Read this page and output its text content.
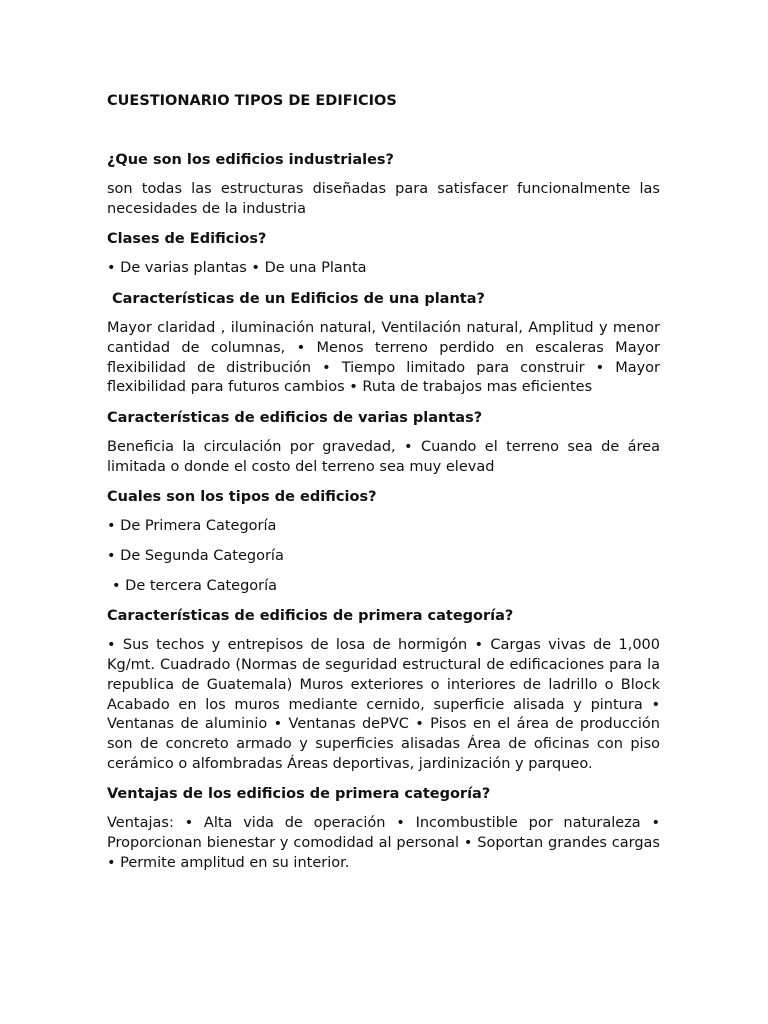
CUESTIONARIO TIPOS DE EDIFICIOS
¿Que son los edificios industriales?
son todas las estructuras diseñadas para satisfacer funcionalmente las necesidades de la industria
Clases de Edificios?
• De varias plantas • De una Planta
Características de un Edificios de una planta?
Mayor claridad , iluminación natural, Ventilación natural, Amplitud y menor cantidad de columnas, • Menos terreno perdido en escaleras Mayor flexibilidad de distribución • Tiempo limitado para construir • Mayor flexibilidad para futuros cambios • Ruta de trabajos mas eficientes
Características de edificios de varias plantas?
Beneficia la circulación por gravedad, • Cuando el terreno sea de área limitada o donde el costo del terreno sea muy elevad
Cuales son los tipos de edificios?
• De Primera Categoría
• De Segunda Categoría
• De tercera Categoría
Características de edificios de primera categoría?
• Sus techos y entrepisos de losa de hormigón • Cargas vivas de 1,000 Kg/mt. Cuadrado (Normas de seguridad estructural de edificaciones para la republica de Guatemala) Muros exteriores o interiores de ladrillo o Block Acabado en los muros mediante cernido, superficie alisada y pintura • Ventanas de aluminio • Ventanas dePVC • Pisos en el área de producción son de concreto armado y superficies alisadas Área de oficinas con piso cerámico o alfombradas Áreas deportivas, jardinización y parqueo.
Ventajas de los edificios de primera categoría?
Ventajas: • Alta vida de operación • Incombustible por naturaleza • Proporcionan bienestar y comodidad al personal • Soportan grandes cargas • Permite amplitud en su interior.
